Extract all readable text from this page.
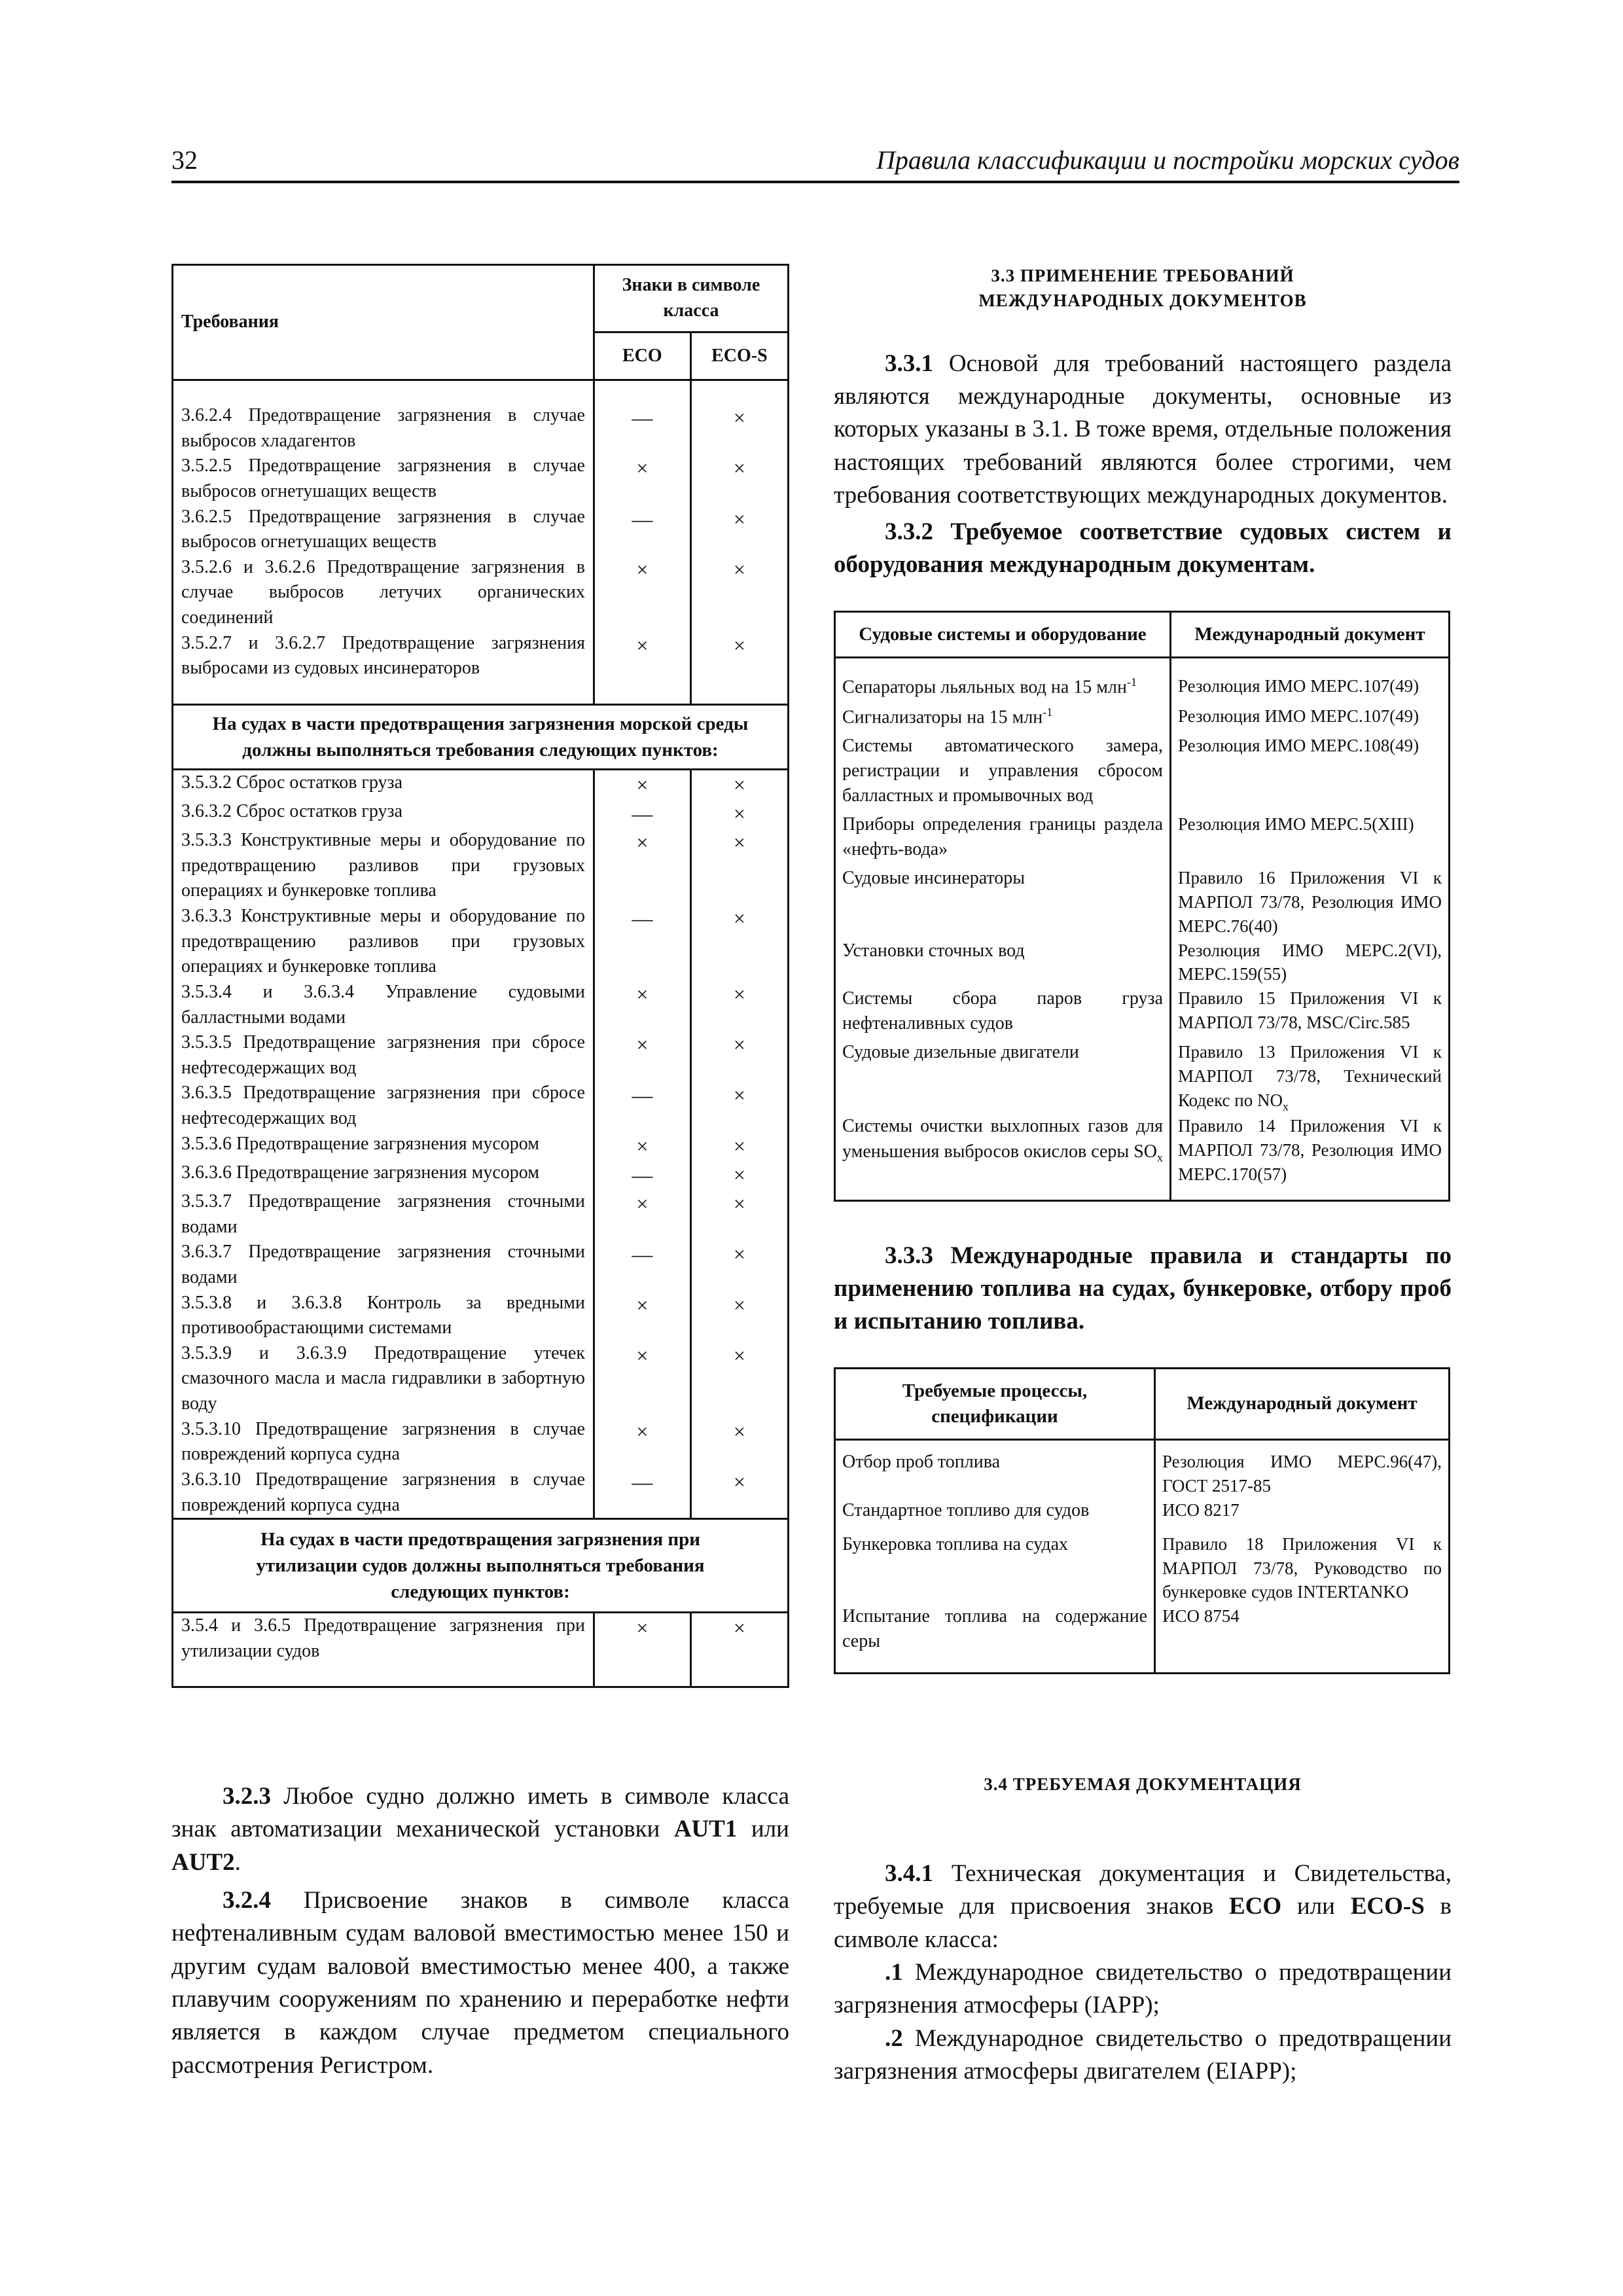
32	Правила классификации и постройки морских судов
Требования	Знаки в символе класса	
	ECO	ECO-S

3.6.2.4 Предотвращение загрязнения в случае выбросов хладагентов	—	×
3.5.2.5 Предотвращение загрязнения в случае выбросов огнетушащих веществ	×	×
3.6.2.5 Предотвращение загрязнения в случае выбросов огнетушащих веществ	—	×
3.5.2.6 и 3.6.2.6 Предотвращение загрязнения в случае выбросов летучих органических соединений	×	×
3.5.2.7 и 3.6.2.7 Предотвращение загрязнения выбросами из судовых инсинераторов	×	×

На судах в части предотвращения загрязнения морской среды должны выполняться требования следующих пунктов:		
3.5.3.2 Сброс остатков груза	×	×
3.6.3.2 Сброс остатков груза	—	×
3.5.3.3 Конструктивные меры и оборудование по предотвращению разливов при грузовых операциях и бункеровке топлива	×	×
3.6.3.3 Конструктивные меры и оборудование по предотвращению разливов при грузовых операциях и бункеровке топлива	—	×
3.5.3.4 и 3.6.3.4 Управление судовыми балластными водами	×	×
3.5.3.5 Предотвращение загрязнения при сбросе нефтесодержащих вод	×	×
3.6.3.5 Предотвращение загрязнения при сбросе нефтесодержащих вод	—	×
3.5.3.6 Предотвращение загрязнения мусором	×	×
3.6.3.6 Предотвращение загрязнения мусором	—	×
3.5.3.7 Предотвращение загрязнения сточными водами	×	×
3.6.3.7 Предотвращение загрязнения сточными водами	—	×
3.5.3.8 и 3.6.3.8 Контроль за вредными противообрастающими системами	×	×
3.5.3.9 и 3.6.3.9 Предотвращение утечек смазочного масла и масла гидравлики в забортную воду	×	×
3.5.3.10 Предотвращение загрязнения в случае повреждений корпуса судна	×	×
3.6.3.10 Предотвращение загрязнения в случае повреждений корпуса судна	—	×
На судах в части предотвращения загрязнения при утилизации судов должны выполняться требования следующих пунктов:		
3.5.4 и 3.6.5 Предотвращение загрязнения при утилизации судов	×	×

3.2.3 Любое судно должно иметь в символе класса знак автоматизации механической установки AUT1 или AUT2.

3.2.4 Присвоение знаков в символе класса нефтеналивным судам валовой вместимостью менее 150 и другим судам валовой вместимостью менее 400, а также плавучим сооружениям по хранению и переработке нефти является в каждом случае предметом специального рассмотрения Регистром.

3.3 ПРИМЕНЕНИЕ ТРЕБОВАНИЙ МЕЖДУНАРОДНЫХ ДОКУМЕНТОВ

3.3.1 Основой для требований настоящего раздела являются международные документы, основные из которых указаны в 3.1. В тоже время, отдельные положения настоящих требований являются более строгими, чем требования соответствующих международных документов.

3.3.2 Требуемое соответствие судовых систем и оборудования международным документам.

Судовые системы и оборудование	Международный документ

Сепараторы льяльных вод на 15 млн$^{-1}$	Резолюция ИМО МЕРС.107(49)
Сигнализаторы на 15 млн$^{-1}$	Резолюция ИМО МЕРС.107(49)
Системы автоматического замера, регистрации и управления сбросом балластных и промывочных вод	Резолюция ИМО МЕРС.108(49)
Приборы определения границы раздела «нефть-вода»	Резолюция ИМО МЕРС.5(XIII)
Судовые инсинераторы	Правило 16 Приложения VI к МАРПОЛ 73/78, Резолюция ИМО МЕРС.76(40)
Установки сточных вод	Резолюция ИМО МЕРС.2(VI), МЕРС.159(55)
Системы сбора паров груза нефтеналивных судов	Правило 15 Приложения VI к МАРПОЛ 73/78, MSC/Circ.585
Судовые дизельные двигатели	Правило 13 Приложения VI к МАРПОЛ 73/78, Технический Кодекс по $NO_x$
Системы очистки выхлопных газов для уменьшения выбросов окислов серы $SO_x$	Правило 14 Приложения VI к МАРПОЛ 73/78, Резолюция ИМО МЕРС.170(57)

3.3.3 Международные правила и стандарты по применению топлива на судах, бункеровке, отбору проб и испытанию топлива.

Требуемые процессы, спецификации	Международный документ

Отбор проб топлива	Резолюция ИМО МЕРС.96(47), ГОСТ 2517-85
Стандартное топливо для судов	ИСО 8217
Бункеровка топлива на судах	Правило 18 Приложения VI к МАРПОЛ 73/78, Руководство по бункеровке судов INTERTANKO
Испытание топлива на содержание серы	ИСО 8754

3.4 ТРЕБУЕМАЯ ДОКУМЕНТАЦИЯ

3.4.1 Техническая документация и Свидетельства, требуемые для присвоения знаков ECO или ECO-S в символе класса:

.1 Международное свидетельство о предотвращении загрязнения атмосферы (IAPP);

.2 Международное свидетельство о предотвращении загрязнения атмосферы двигателем (EIAPP);
